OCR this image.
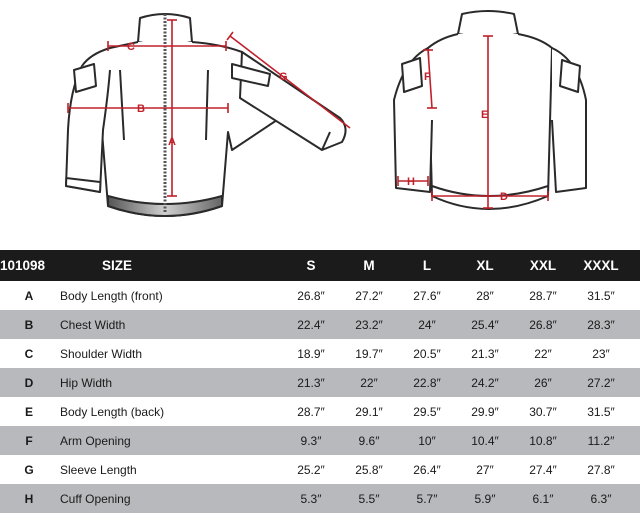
C
B
A
G	F
E
H
D
101098	SIZE	S	M	L	XL	XXL	XXXL	
A	Body Length (front)	26.8″	27.2″	27.6″	28″	28.7″	31.5″	
B	Chest Width	22.4″	23.2″	24″	25.4″	26.8″	28.3″	
C	Shoulder Width	18.9″	19.7″	20.5″	21.3″	22″	23″	
D	Hip Width	21.3″	22″	22.8″	24.2″	26″	27.2″	
E	Body Length (back)	28.7″	29.1″	29.5″	29.9″	30.7″	31.5″	
F	Arm Opening	9.3″	9.6″	10″	10.4″	10.8″	11.2″	
G	Sleeve Length	25.2″	25.8″	26.4″	27″	27.4″	27.8″	
H	Cuff Opening	5.3″	5.5″	5.7″	5.9″	6.1″	6.3″	
